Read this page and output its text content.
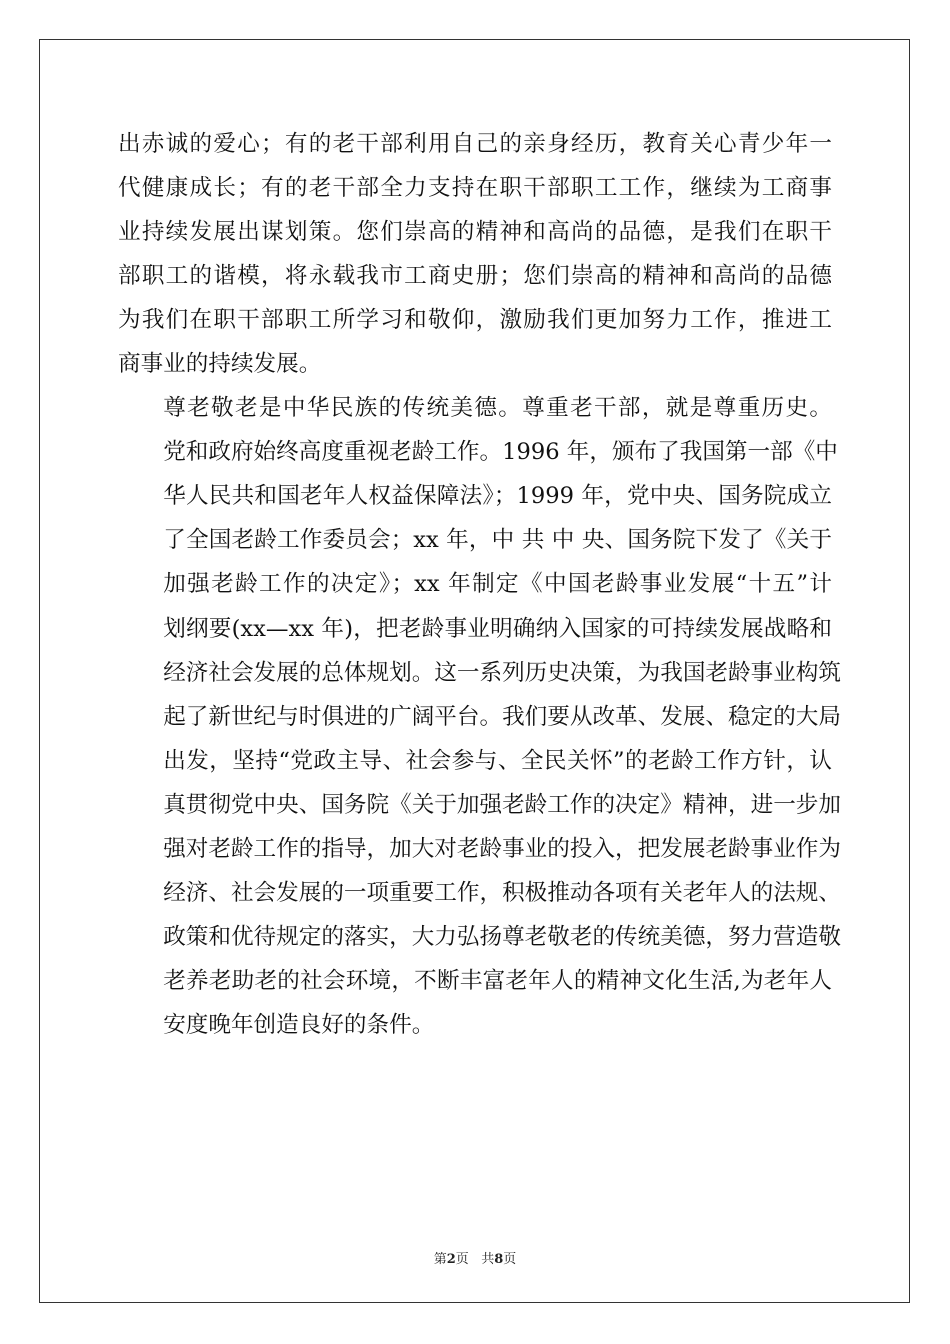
出赤诚的爱心；有的老干部利用自己的亲身经历，教育关心青少年一
代健康成长；有的老干部全力支持在职干部职工工作，继续为工商事
业持续发展出谋划策。您们崇高的精神和高尚的品德，是我们在职干
部职工的谐模，将永载我市工商史册；您们崇高的精神和高尚的品德
为我们在职干部职工所学习和敬仰，激励我们更加努力工作，推进工
商事业的持续发展。
尊老敬老是中华民族的传统美德。尊重老干部，就是尊重历史。
党和政府始终高度重视老龄工作。1996 年，颁布了我国第一部《中
华人民共和国老年人权益保障法》；1999 年，党中央、国务院成立
了全国老龄工作委员会；xx 年，中 共 中 央、国务院下发了《关于
加强老龄工作的决定》；xx 年制定《中国老龄事业发展“十五”计
划纲要(xx—xx 年)，把老龄事业明确纳入国家的可持续发展战略和
经济社会发展的总体规划。这一系列历史决策，为我国老龄事业构筑
起了新世纪与时俱进的广阔平台。我们要从改革、发展、稳定的大局
出发，坚持“党政主导、社会参与、全民关怀”的老龄工作方针，认
真贯彻党中央、国务院《关于加强老龄工作的决定》精神，进一步加
强对老龄工作的指导，加大对老龄事业的投入，把发展老龄事业作为
经济、社会发展的一项重要工作，积极推动各项有关老年人的法规、
政策和优待规定的落实，大力弘扬尊老敬老的传统美德，努力营造敬
老养老助老的社会环境，不断丰富老年人的精神文化生活,为老年人
安度晚年创造良好的条件。
第2页 共8页
